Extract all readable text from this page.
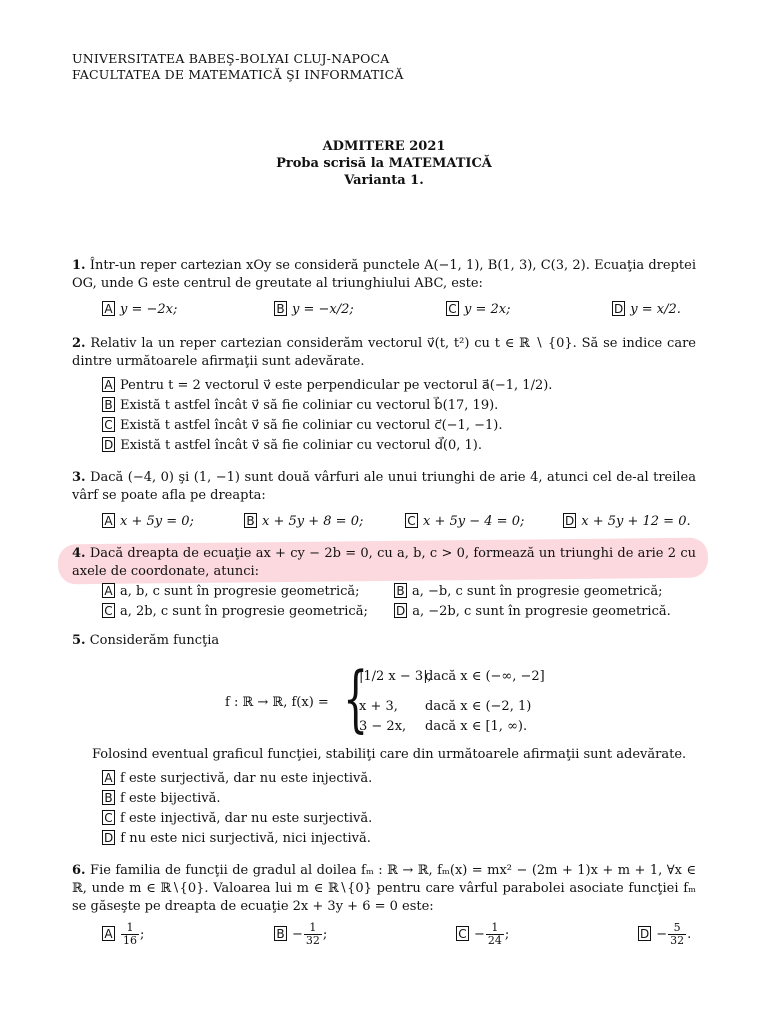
UNIVERSITATEA BABEŞ-BOLYAI CLUJ-NAPOCA
FACULTATEA DE MATEMATICĂ ŞI INFORMATICĂ
ADMITERE 2021
Proba scrisă la MATEMATICĂ
Varianta 1.
1. Într-un reper cartezian xOy se consideră punctele A(−1, 1), B(1, 3), C(3, 2). Ecuaţia dreptei OG, unde G este centrul de greutate al triunghiului ABC, este:
A y = −2x;	B y = −x/2;	C y = 2x;	D y = x/2.
2. Relativ la un reper cartezian considerăm vectorul v⃗(t, t²) cu t ∈ ℝ ∖ {0}. Să se indice care dintre următoarele afirmaţii sunt adevărate.
A Pentru t = 2 vectorul v⃗ este perpendicular pe vectorul a⃗(−1, 1/2).
B Există t astfel încât v⃗ să fie coliniar cu vectorul b⃗(17, 19).
C Există t astfel încât v⃗ să fie coliniar cu vectorul c⃗(−1, −1).
D Există t astfel încât v⃗ să fie coliniar cu vectorul d⃗(0, 1).
3. Dacă (−4, 0) şi (1, −1) sunt două vârfuri ale unui triunghi de arie 4, atunci cel de-al treilea vârf se poate afla pe dreapta:
A x + 5y = 0;	B x + 5y + 8 = 0;	C x + 5y − 4 = 0;	D x + 5y + 12 = 0.
4. Dacă dreapta de ecuaţie ax + cy − 2b = 0, cu a, b, c > 0, formează un triunghi de arie 2 cu axele de coordonate, atunci:
A a, b, c sunt în progresie geometrică;	B a, −b, c sunt în progresie geometrică;
C a, 2b, c sunt în progresie geometrică;	D a, −2b, c sunt în progresie geometrică.
5. Considerăm funcţia
f : ℝ → ℝ, f(x) = {
|1/2 x − 3|,
dacă x ∈ (−∞, −2]
x + 3, dacă x ∈ (−2, 1)
3 − 2x, dacă x ∈ [1, ∞).
Folosind eventual graficul funcţiei, stabiliţi care din următoarele afirmaţii sunt adevărate.
A f este surjectivă, dar nu este injectivă.
B f este bijectivă.
C f este injectivă, dar nu este surjectivă.
D f nu este nici surjectivă, nici injectivă.
6. Fie familia de funcţii de gradul al doilea fₘ : ℝ → ℝ, fₘ(x) = mx² − (2m + 1)x + m + 1, ∀x ∈ ℝ, unde m ∈ ℝ∖{0}. Valoarea lui m ∈ ℝ∖{0} pentru care vârful parabolei asociate funcţiei fₘ se găseşte pe dreapta de ecuaţie 2x + 3y + 6 = 0 este:
A $\frac{1}{16}$ ;	$B - \frac{1}{32}$ ;	$C - \frac{1}{24}$ ;	$D - \frac{5}{32}$ .
